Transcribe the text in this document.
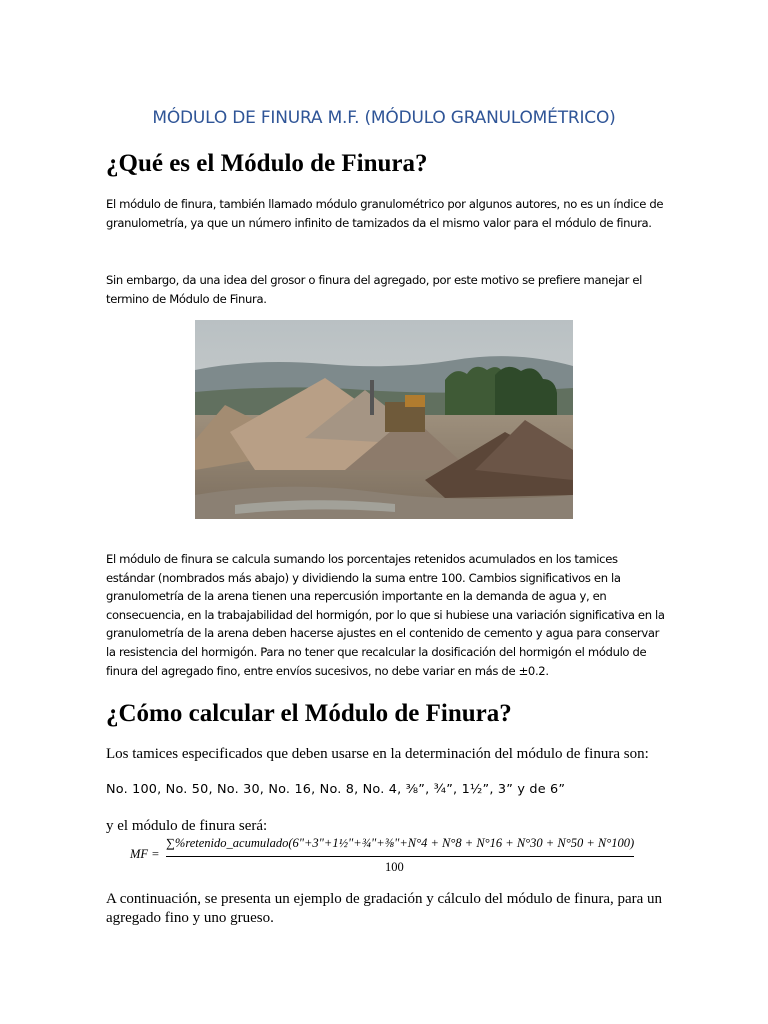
MÓDULO DE FINURA M.F. (MÓDULO GRANULOMÉTRICO)
¿Qué es el Módulo de Finura?
El módulo de finura, también llamado módulo granulométrico por algunos autores, no es un índice de granulometría, ya que un número infinito de tamizados da el mismo valor para el módulo de finura.
Sin embargo, da una idea del grosor o finura del agregado, por este motivo se prefiere manejar el termino de Módulo de Finura.
El módulo de finura se calcula sumando los porcentajes retenidos acumulados en los tamices estándar (nombrados más abajo) y dividiendo la suma entre 100. Cambios significativos en la granulometría de la arena tienen una repercusión importante en la demanda de agua y, en consecuencia, en la trabajabilidad del hormigón, por lo que si hubiese una variación significativa en la granulometría de la arena deben hacerse ajustes en el contenido de cemento y agua para conservar la resistencia del hormigón. Para no tener que recalcular la dosificación del hormigón el módulo de finura del agregado fino, entre envíos sucesivos, no debe variar en más de ±0.2.
¿Cómo calcular el Módulo de Finura?
Los tamices especificados que deben usarse en la determinación del módulo de finura son:
No. 100, No. 50, No. 30, No. 16, No. 8, No. 4, ⅜”, ¾”, 1½”, 3” y de 6”
y el módulo de finura será:
MF =
∑%retenido_acumulado(6"+3"+1½"+¾"+⅜"+N°4 + N°8 + N°16 + N°30 + N°50 + N°100)
100
A continuación, se presenta un ejemplo de gradación y cálculo del módulo de finura, para un agregado fino y uno grueso.
